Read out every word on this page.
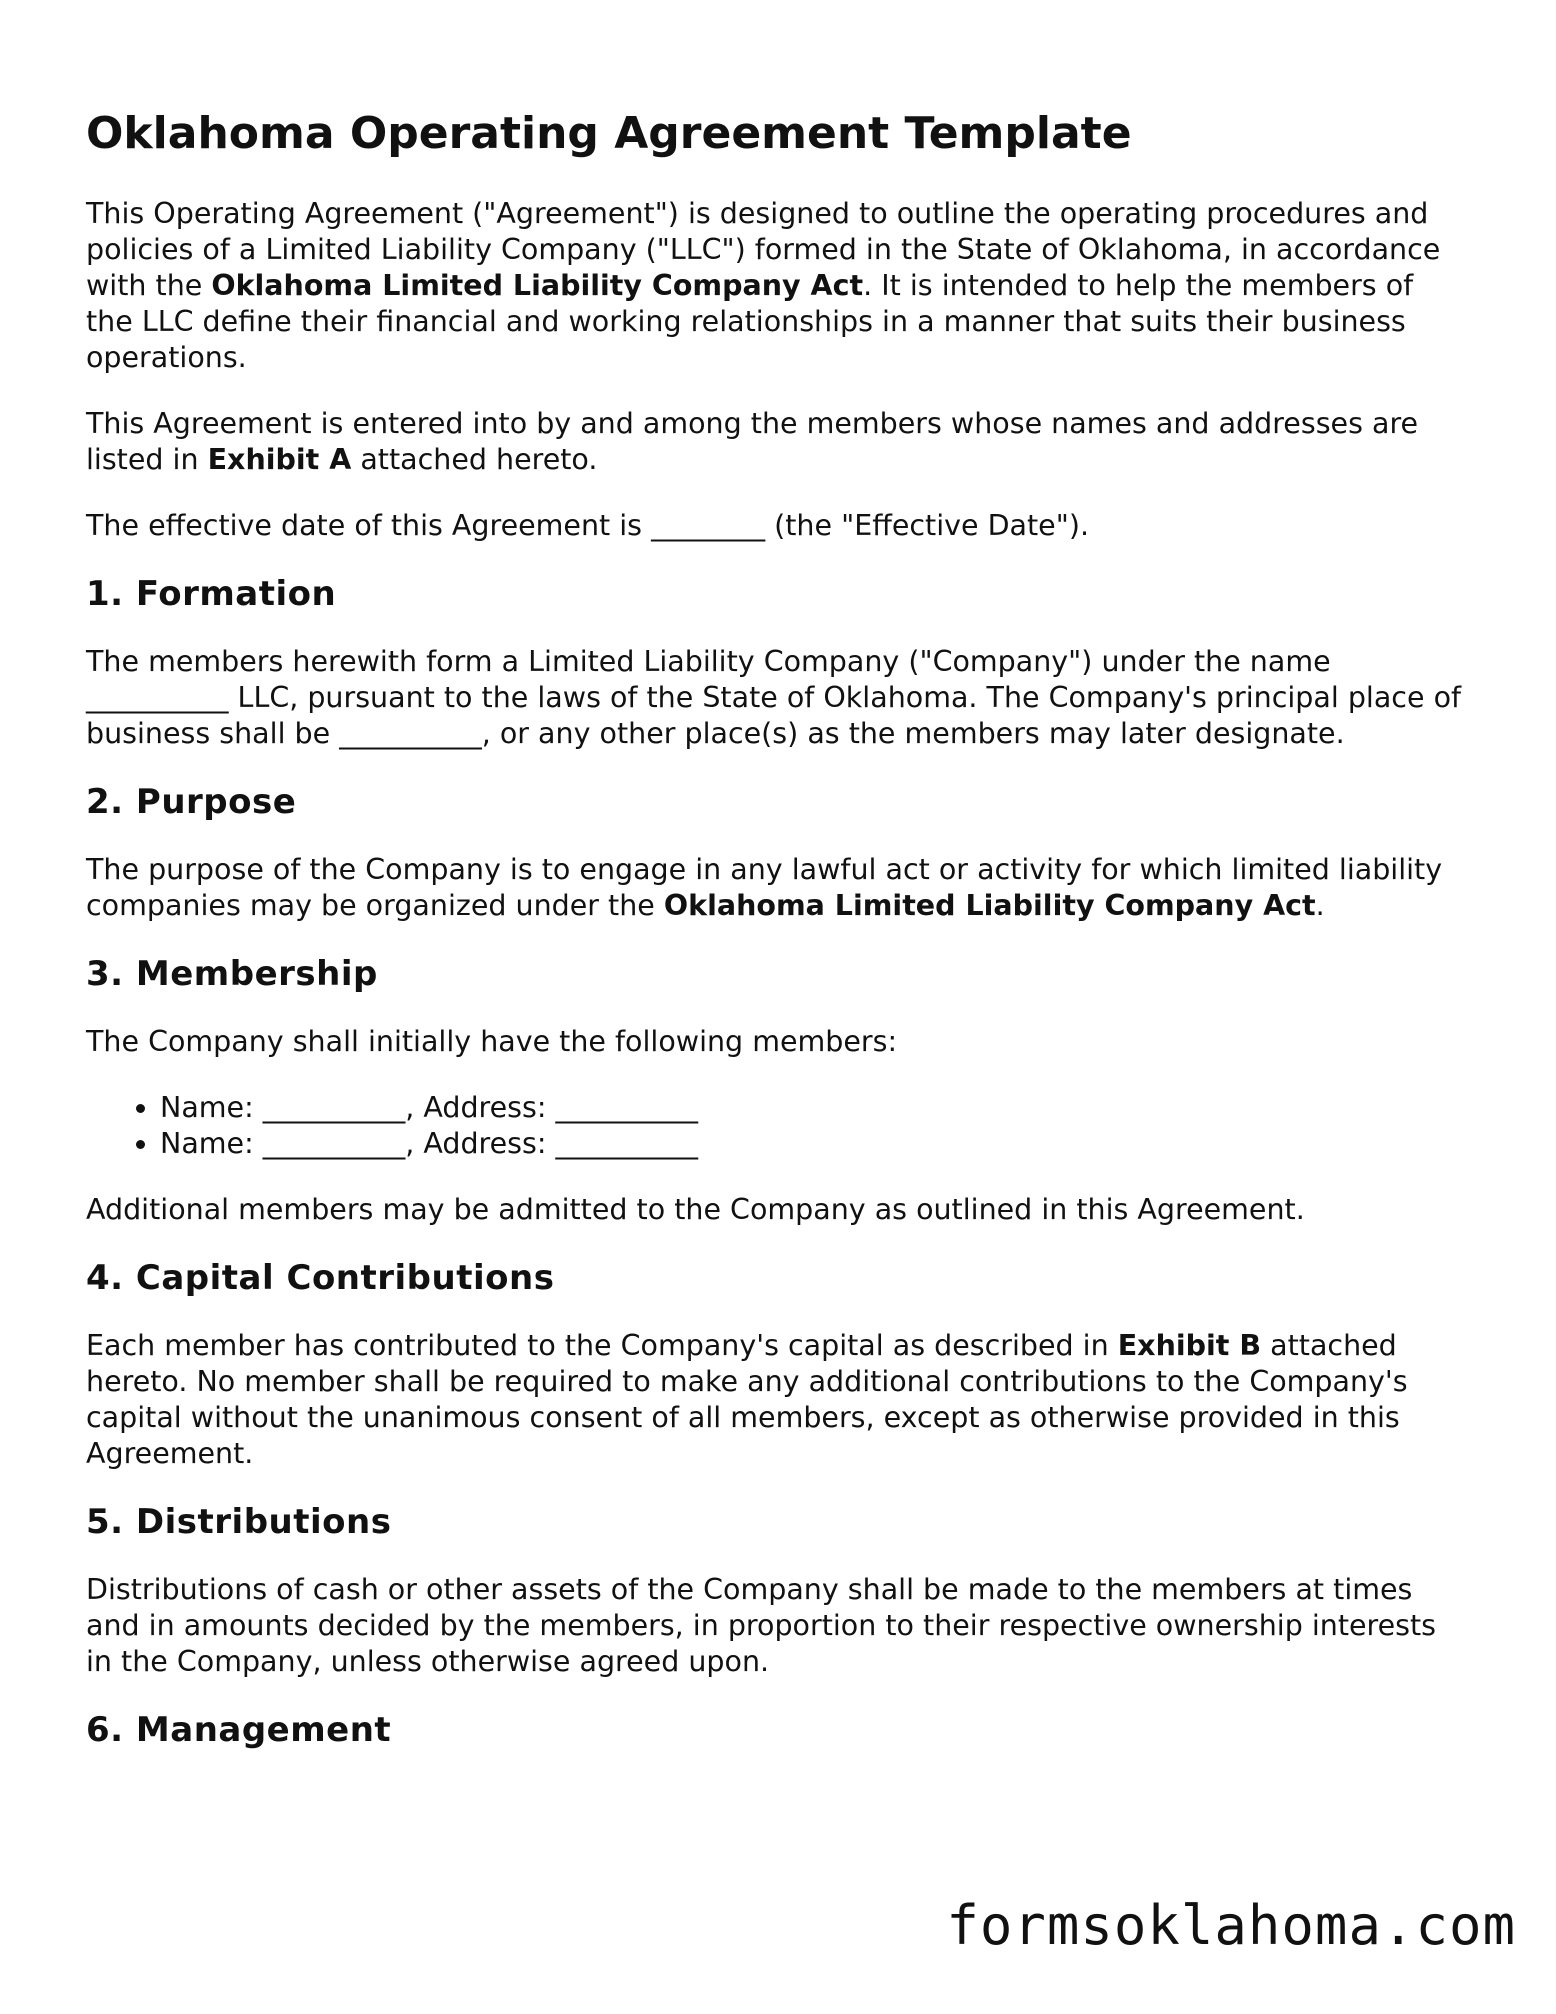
Oklahoma Operating Agreement Template

This Operating Agreement ("Agreement") is designed to outline the operating procedures and policies of a Limited Liability Company ("LLC") formed in the State of Oklahoma, in accordance with the Oklahoma Limited Liability Company Act. It is intended to help the members of the LLC define their financial and working relationships in a manner that suits their business operations.

This Agreement is entered into by and among the members whose names and addresses are listed in Exhibit A attached hereto.

The effective date of this Agreement is ________ (the "Effective Date").

1. Formation

The members herewith form a Limited Liability Company ("Company") under the name __________ LLC, pursuant to the laws of the State of Oklahoma. The Company's principal place of business shall be __________, or any other place(s) as the members may later designate.

2. Purpose

The purpose of the Company is to engage in any lawful act or activity for which limited liability companies may be organized under the Oklahoma Limited Liability Company Act.

3. Membership

The Company shall initially have the following members:

• Name: __________, Address: __________
• Name: __________, Address: __________

Additional members may be admitted to the Company as outlined in this Agreement.

4. Capital Contributions

Each member has contributed to the Company's capital as described in Exhibit B attached hereto. No member shall be required to make any additional contributions to the Company's capital without the unanimous consent of all members, except as otherwise provided in this Agreement.

5. Distributions

Distributions of cash or other assets of the Company shall be made to the members at times and in amounts decided by the members, in proportion to their respective ownership interests in the Company, unless otherwise agreed upon.

6. Management
formsoklahoma.com
